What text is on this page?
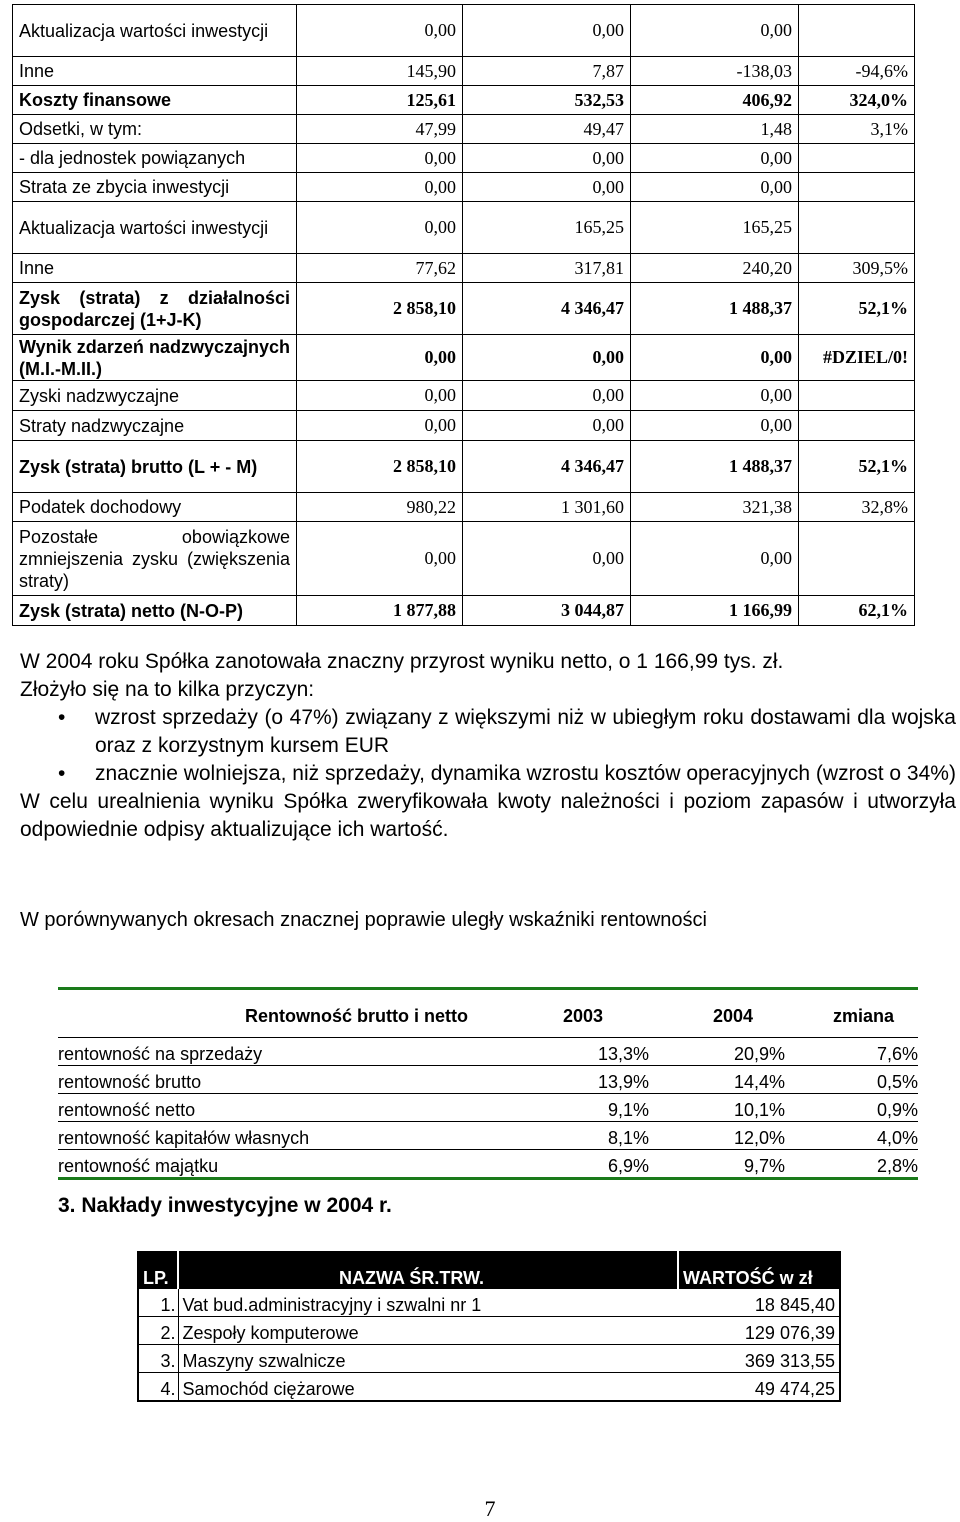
Aktualizacja wartości inwestycji	0,00	0,00	0,00	
Inne	145,90	7,87	-138,03	-94,6%
Koszty finansowe	125,61	532,53	406,92	324,0%
Odsetki, w tym:	47,99	49,47	1,48	3,1%
- dla jednostek powiązanych	0,00	0,00	0,00	
Strata ze zbycia inwestycji	0,00	0,00	0,00	
Aktualizacja wartości inwestycji	0,00	165,25	165,25	
Inne	77,62	317,81	240,20	309,5%
Zysk (strata) z działalności gospodarczej (1+J-K)	2 858,10	4 346,47	1 488,37	52,1%
Wynik zdarzeń nadzwyczajnych (M.I.-M.II.)	0,00	0,00	0,00	#DZIEL/0!
Zyski nadzwyczajne	0,00	0,00	0,00	
Straty nadzwyczajne	0,00	0,00	0,00	
Zysk (strata) brutto (L + - M)	2 858,10	4 346,47	1 488,37	52,1%
Podatek dochodowy	980,22	1 301,60	321,38	32,8%
Pozostałe obowiązkowe zmniejszenia zysku (zwiększenia straty)	0,00	0,00	0,00	
Zysk (strata) netto (N-O-P)	1 877,88	3 044,87	1 166,99	62,1%

W 2004 roku Spółka zanotowała znaczny przyrost wyniku netto, o 1 166,99 tys. zł.

Złożyło się na to kilka przyczyn:

• wzrost sprzedaży (o 47%) związany z większymi niż w ubiegłym roku dostawami dla wojska oraz z korzystnym kursem EUR
• znacznie wolniejsza, niż sprzedaży, dynamika wzrostu kosztów operacyjnych (wzrost o 34%)

W celu urealnienia wyniku Spółka zweryfikowała kwoty należności i poziom zapasów i utworzyła odpowiednie odpisy aktualizujące ich wartość.

W porównywanych okresach znacznej poprawie uległy wskaźniki rentowności

Rentowność brutto i netto	2003	2004	zmiana
rentowność na sprzedaży	13,3%	20,9%	7,6%
rentowność brutto	13,9%	14,4%	0,5%
rentowność netto	9,1%	10,1%	0,9%
rentowność kapitałów własnych	8,1%	12,0%	4,0%
rentowność majątku	6,9%	9,7%	2,8%
3. Nakłady inwestycyjne w 2004 r.
LP.	NAZWA ŚR.TRW.	WARTOŚĆ w zł
1.	Vat bud.administracyjny i szwalni nr 1	18 845,40
2.	Zespoły komputerowe	129 076,39
3.	Maszyny szwalnicze	369 313,55
4.	Samochód ciężarowe	49 474,25
7
